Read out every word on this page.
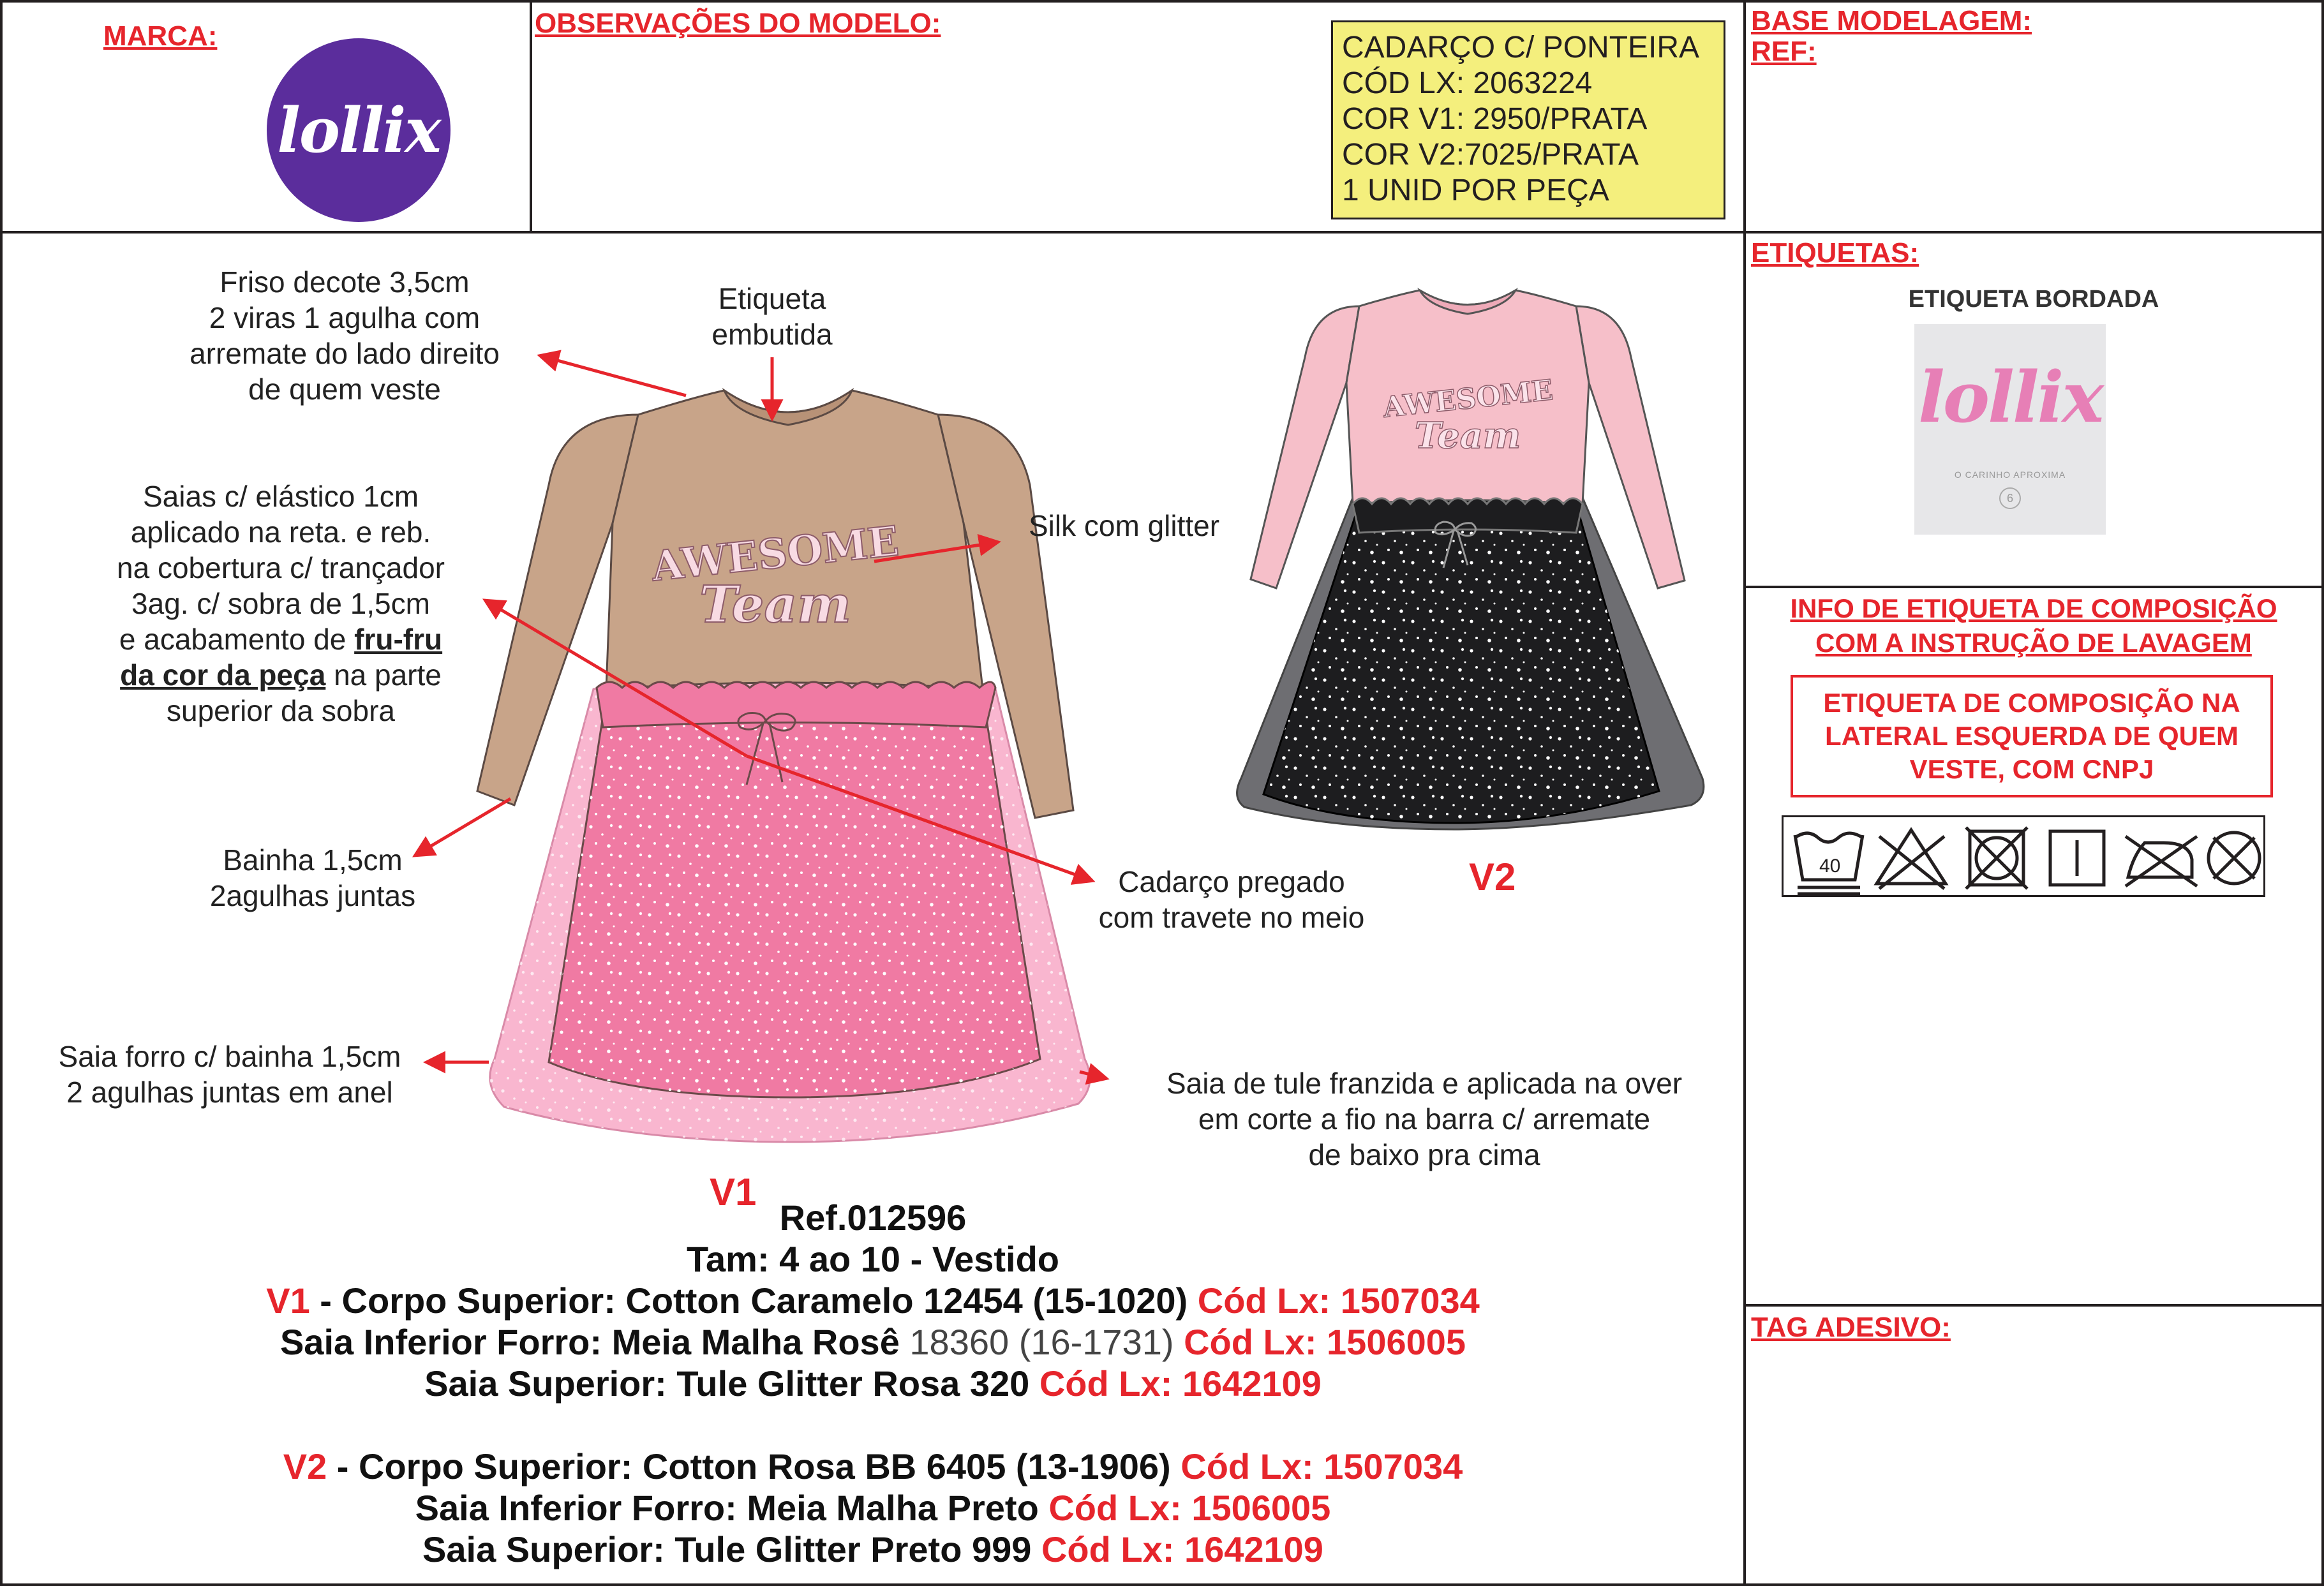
MARCA:
lollix
OBSERVAÇÕES DO MODELO:
CADARÇO C/ PONTEIRA
CÓD LX: 2063224
COR V1: 2950/PRATA
COR V2:7025/PRATA
1 UNID POR PEÇA
BASE MODELAGEM:
REF:
ETIQUETAS:
ETIQUETA BORDADA
lollix
O CARINHO APROXIMA
6
INFO DE ETIQUETA DE COMPOSIÇÃO
COM A INSTRUÇÃO DE LAVAGEM
ETIQUETA DE COMPOSIÇÃO NA
LATERAL ESQUERDA DE QUEM
VESTE, COM CNPJ
40
TAG ADESIVO:
AWESOME
Team
AWESOME
Team
Friso decote 3,5cm
2 viras 1 agulha com
arremate do lado direito
de quem veste
Etiqueta
embutida
Saias c/ elástico 1cm
aplicado na reta. e reb.
na cobertura c/ trançador
3ag. c/ sobra de 1,5cm
e acabamento de fru-fru
da cor da peça na parte
superior da sobra
Silk com glitter
Bainha 1,5cm
2agulhas juntas	Cadarço pregado
com travete no meio
Saia forro c/ bainha 1,5cm
2 agulhas juntas em anel	Saia de tule franzida e aplicada na over
em corte a fio na barra c/ arremate
de baixo pra cima
V1
V2
Ref.012596
Tam: 4 ao 10 - Vestido
V1 - Corpo Superior: Cotton Caramelo 12454 (15-1020) Cód Lx: 1507034
Saia Inferior Forro: Meia Malha Rosê 18360 (16-1731) Cód Lx: 1506005
Saia Superior: Tule Glitter Rosa 320 Cód Lx: 1642109
V2 - Corpo Superior: Cotton Rosa BB 6405 (13-1906) Cód Lx: 1507034
Saia Inferior Forro: Meia Malha Preto Cód Lx: 1506005
Saia Superior: Tule Glitter Preto 999 Cód Lx: 1642109
